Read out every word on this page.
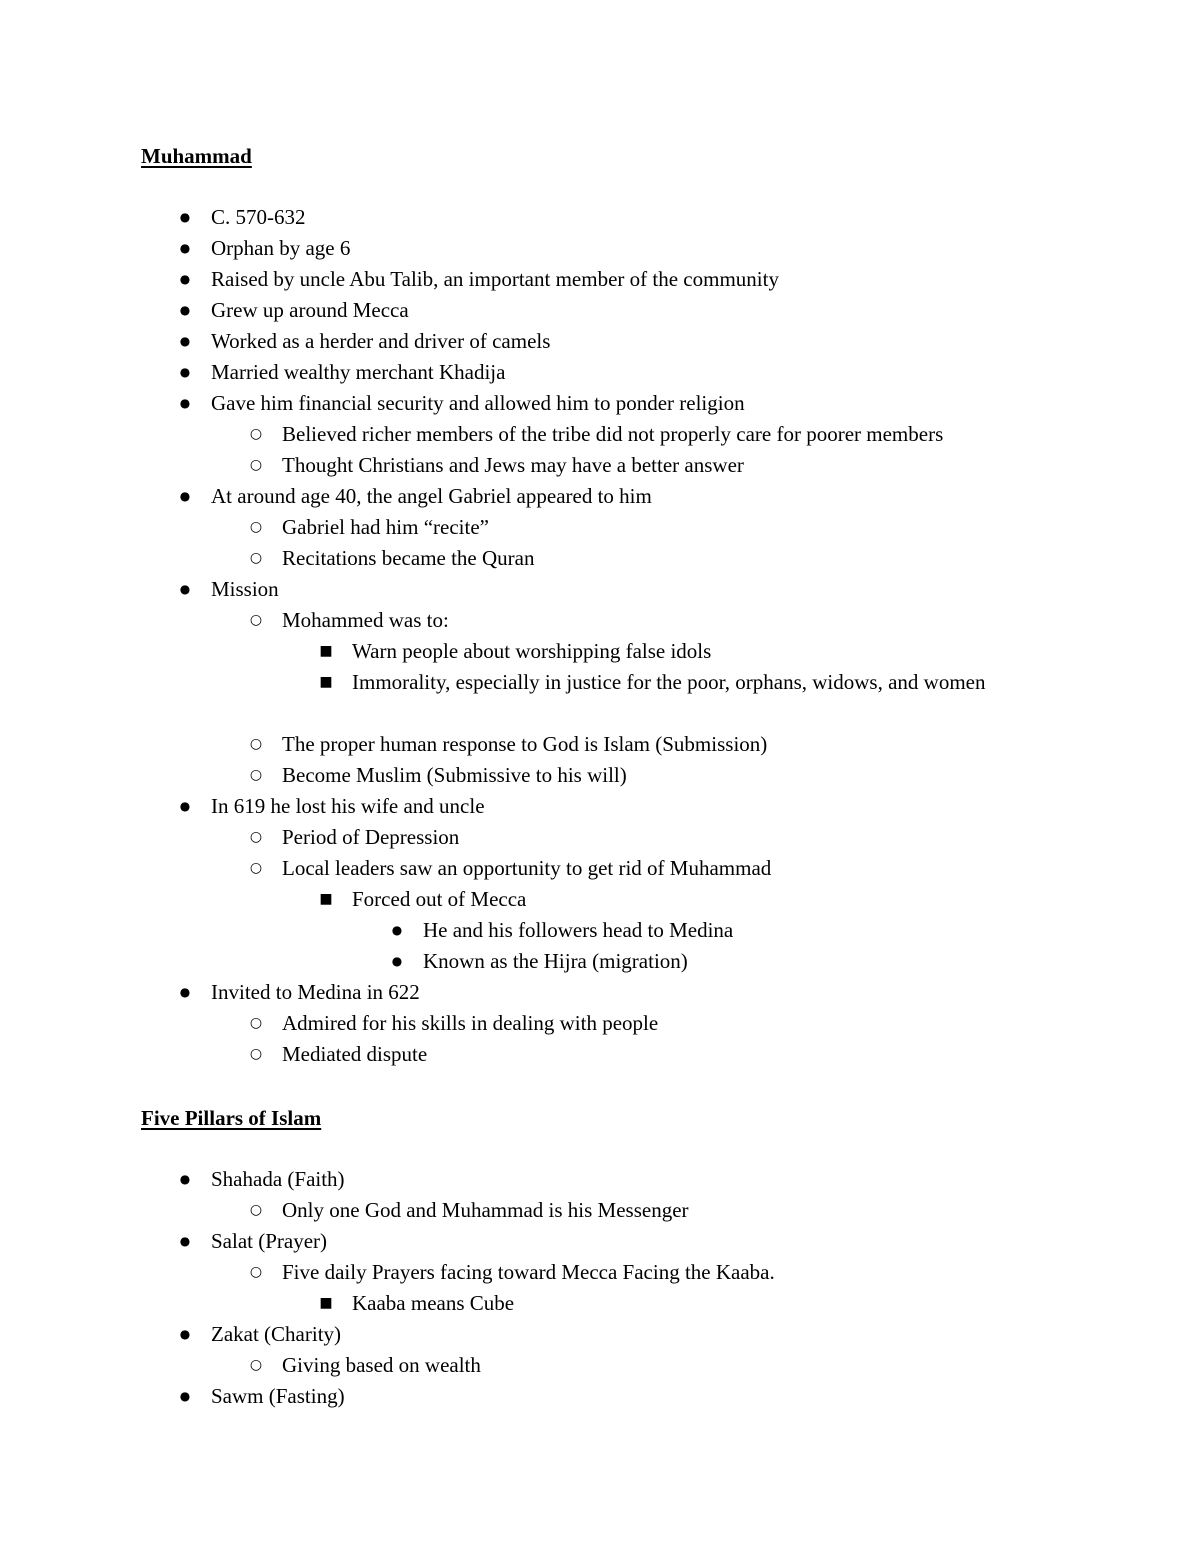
Muhammad
● C. 570-632
● Orphan by age 6
● Raised by uncle Abu Talib, an important member of the community
● Grew up around Mecca
● Worked as a herder and driver of camels
● Married wealthy merchant Khadija
● Gave him financial security and allowed him to ponder religion
○ Believed richer members of the tribe did not properly care for poorer members
○ Thought Christians and Jews may have a better answer
● At around age 40, the angel Gabriel appeared to him
○ Gabriel had him “recite”
○ Recitations became the Quran
● Mission
○ Mohammed was to:
■ Warn people about worshipping false idols
■ Immorality, especially in justice for the poor, orphans, widows, and women
○ The proper human response to God is Islam (Submission)
○ Become Muslim (Submissive to his will)
● In 619 he lost his wife and uncle
○ Period of Depression
○ Local leaders saw an opportunity to get rid of Muhammad
■ Forced out of Mecca
● He and his followers head to Medina
● Known as the Hijra (migration)
● Invited to Medina in 622
○ Admired for his skills in dealing with people
○ Mediated dispute
Five Pillars of Islam
● Shahada (Faith)
○ Only one God and Muhammad is his Messenger
● Salat (Prayer)
○ Five daily Prayers facing toward Mecca Facing the Kaaba.
■ Kaaba means Cube
● Zakat (Charity)
○ Giving based on wealth
● Sawm (Fasting)
